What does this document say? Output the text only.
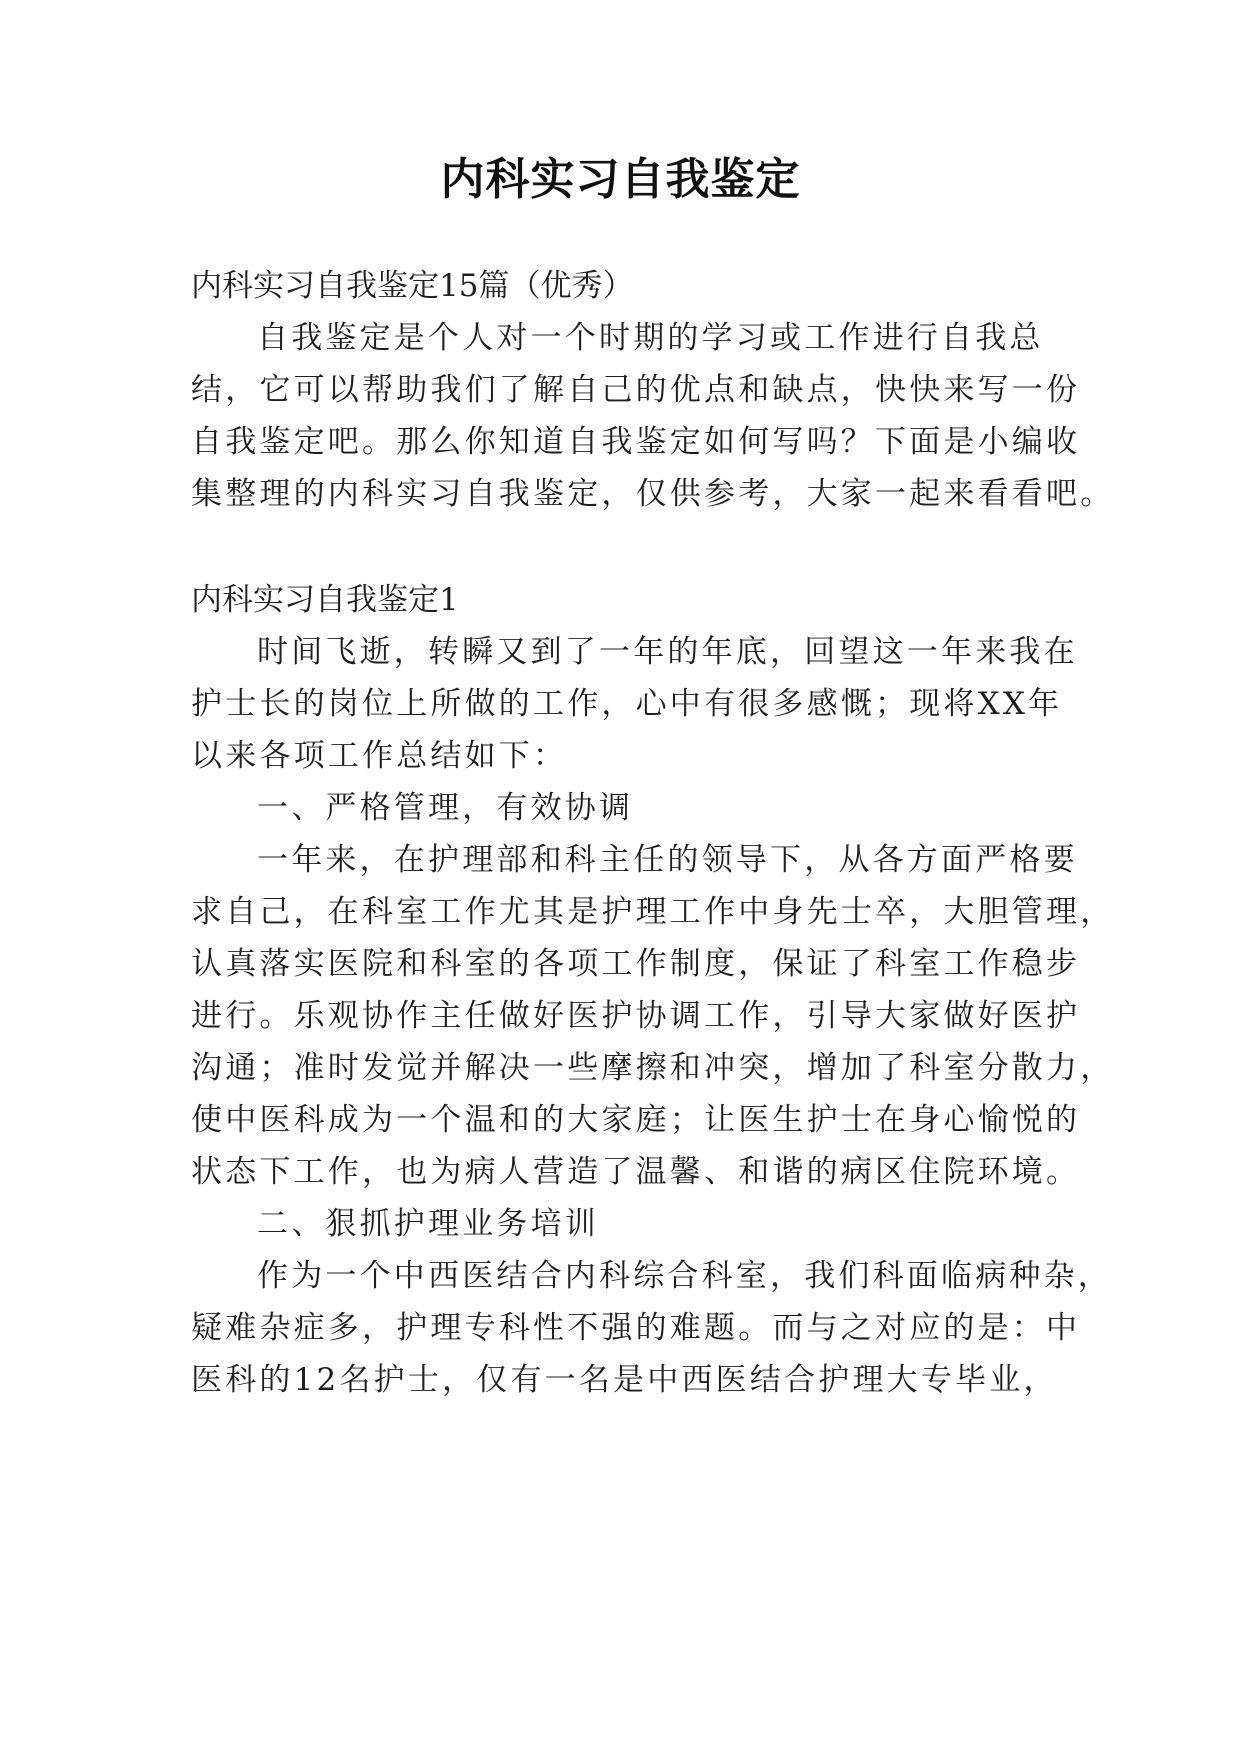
内科实习自我鉴定
内科实习自我鉴定15篇（优秀）
自我鉴定是个人对一个时期的学习或工作进行自我总
结，它可以帮助我们了解自己的优点和缺点，快快来写一份
自我鉴定吧。那么你知道自我鉴定如何写吗？下面是小编收
集整理的内科实习自我鉴定，仅供参考，大家一起来看看吧。
内科实习自我鉴定1
时间飞逝，转瞬又到了一年的年底，回望这一年来我在
护士长的岗位上所做的工作，心中有很多感慨；现将XX年
以来各项工作总结如下：
一、严格管理，有效协调
一年来，在护理部和科主任的领导下，从各方面严格要
求自己，在科室工作尤其是护理工作中身先士卒，大胆管理，
认真落实医院和科室的各项工作制度，保证了科室工作稳步
进行。乐观协作主任做好医护协调工作，引导大家做好医护
沟通；准时发觉并解决一些摩擦和冲突，增加了科室分散力，
使中医科成为一个温和的大家庭；让医生护士在身心愉悦的
状态下工作，也为病人营造了温馨、和谐的病区住院环境。
二、狠抓护理业务培训
作为一个中西医结合内科综合科室，我们科面临病种杂，
疑难杂症多，护理专科性不强的难题。而与之对应的是：中
医科的12名护士，仅有一名是中西医结合护理大专毕业，
